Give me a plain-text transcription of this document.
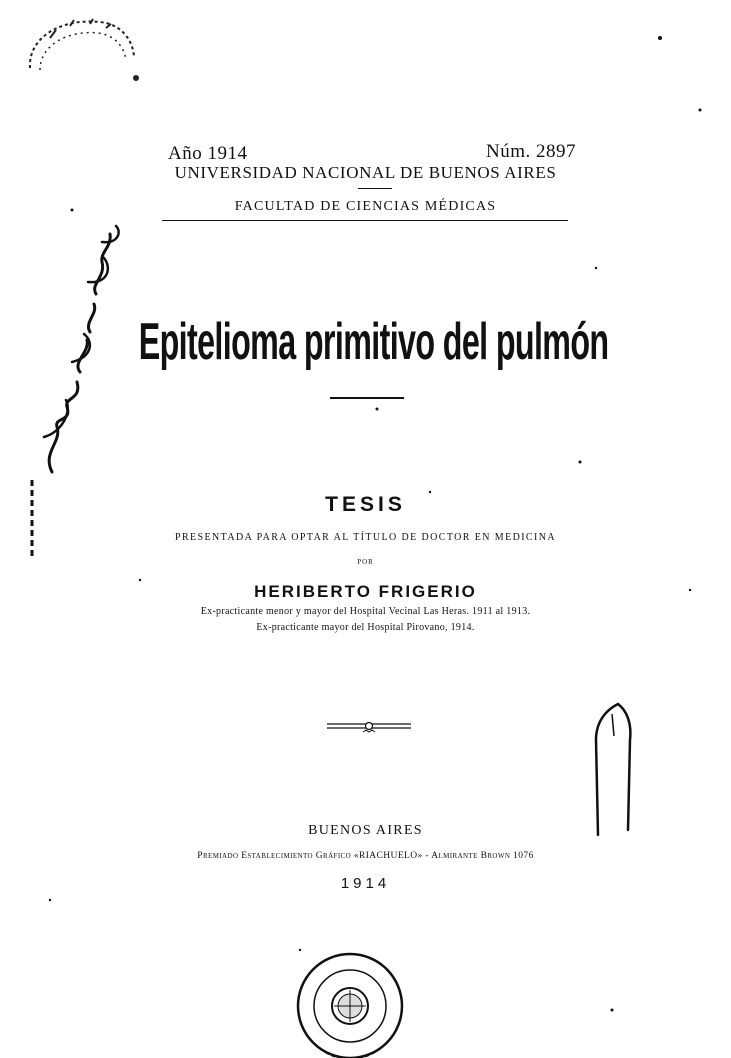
Año 1914	Núm. 2897
UNIVERSIDAD NACIONAL DE BUENOS AIRES
FACULTAD DE CIENCIAS MÉDICAS
Epitelioma primitivo del pulmón
TESIS
PRESENTADA PARA OPTAR AL TÍTULO DE DOCTOR EN MEDICINA
POR
HERIBERTO FRIGERIO
Ex-practicante menor y mayor del Hospital Vecinal Las Heras. 1911 al 1913.
Ex-practicante mayor del Hospital Pirovano, 1914.
BUENOS AIRES
Premiado Establecimiento Gráfico «RIACHUELO» - Almirante Brown 1076
1914
